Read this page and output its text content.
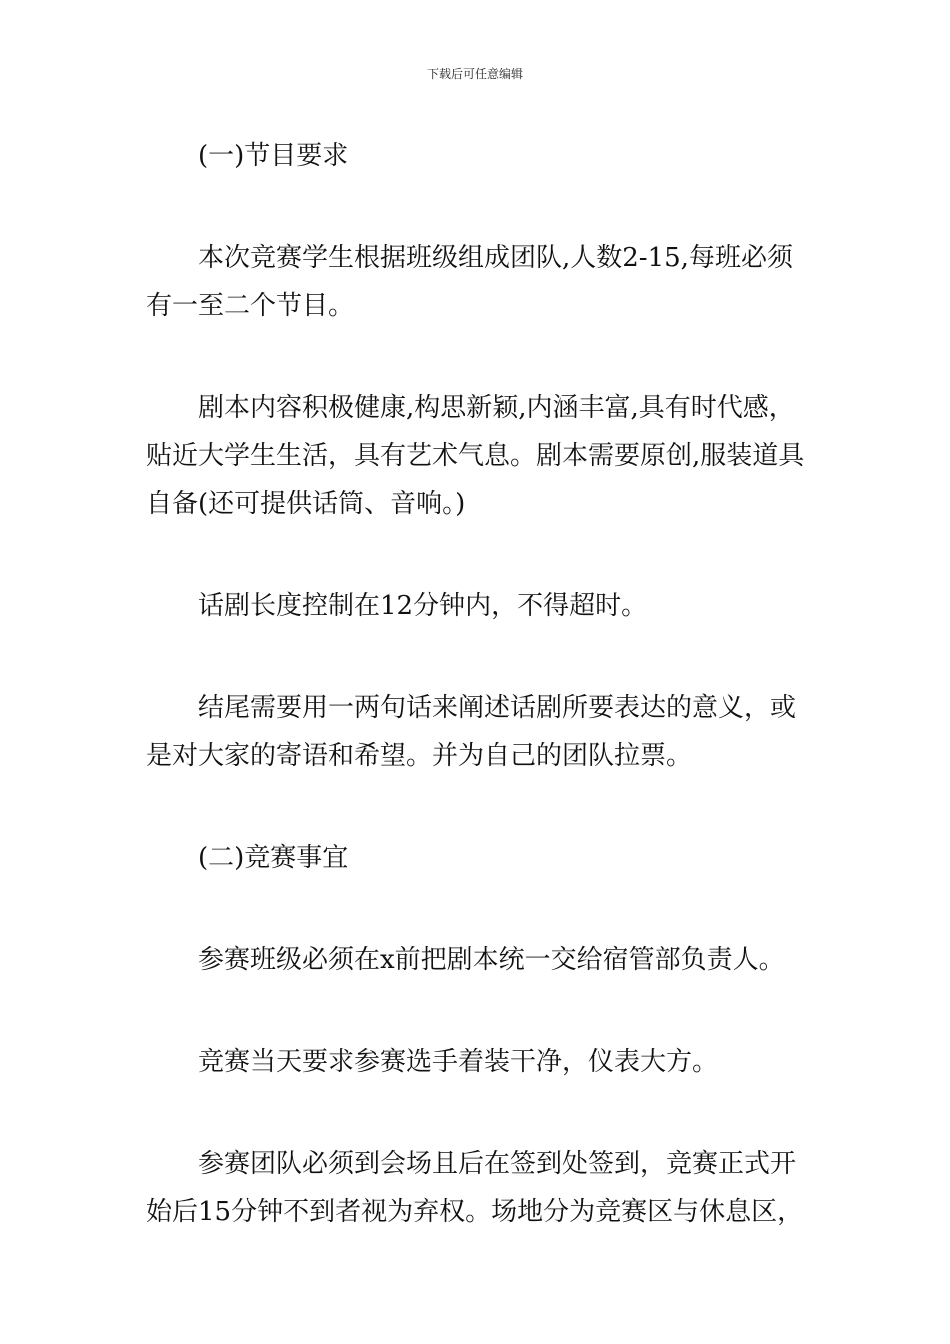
下载后可任意编辑

(一)节目要求

本次竞赛学生根据班级组成团队,人数2-15,每班必须有一至二个节目。

剧本内容积极健康,构思新颖,内涵丰富,具有时代感，贴近大学生生活，具有艺术气息。剧本需要原创,服装道具自备(还可提供话筒、音响。)

话剧长度控制在12分钟内，不得超时。

结尾需要用一两句话来阐述话剧所要表达的意义，或是对大家的寄语和希望。并为自己的团队拉票。

(二)竞赛事宜

参赛班级必须在x前把剧本统一交给宿管部负责人。

竞赛当天要求参赛选手着装干净，仪表大方。

参赛团队必须到会场且后在签到处签到，竞赛正式开始后15分钟不到者视为弃权。场地分为竞赛区与休息区，
